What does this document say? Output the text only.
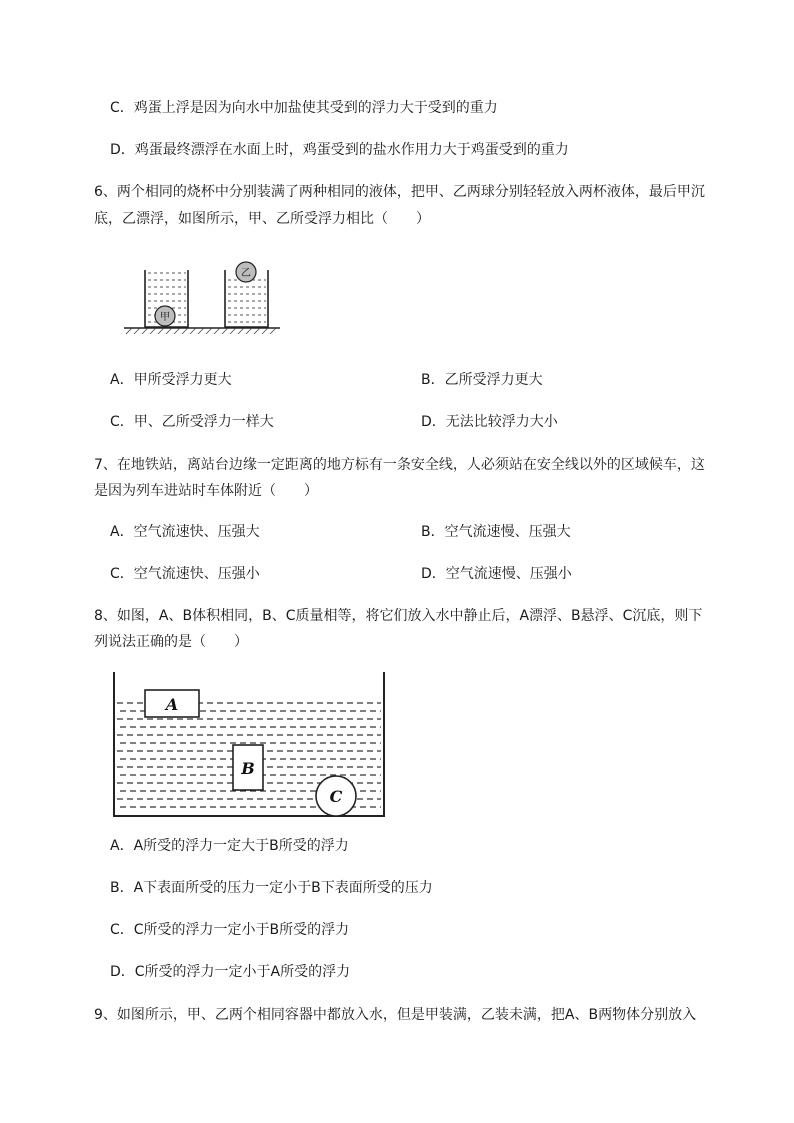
C．鸡蛋上浮是因为向水中加盐使其受到的浮力大于受到的重力
D．鸡蛋最终漂浮在水面上时，鸡蛋受到的盐水作用力大于鸡蛋受到的重力
6、两个相同的烧杯中分别装满了两种相同的液体，把甲、乙两球分别轻轻放入两杯液体，最后甲沉
底，乙漂浮，如图所示，甲、乙所受浮力相比（　　）
甲
乙
A．甲所受浮力更大	B．乙所受浮力更大
C．甲、乙所受浮力一样大	D．无法比较浮力大小
7、在地铁站，离站台边缘一定距离的地方标有一条安全线，人必须站在安全线以外的区域候车，这
是因为列车进站时车体附近（　　）
A．空气流速快、压强大	B．空气流速慢、压强大
C．空气流速快、压强小	D．空气流速慢、压强小
8、如图，A、B体积相同，B、C质量相等，将它们放入水中静止后，A漂浮、B悬浮、C沉底，则下
列说法正确的是（　　）
A
B
C
A．A所受的浮力一定大于B所受的浮力
B．A下表面所受的压力一定小于B下表面所受的压力
C．C所受的浮力一定小于B所受的浮力
D．C所受的浮力一定小于A所受的浮力
9、如图所示，甲、乙两个相同容器中都放入水，但是甲装满，乙装未满，把A、B两物体分别放入
